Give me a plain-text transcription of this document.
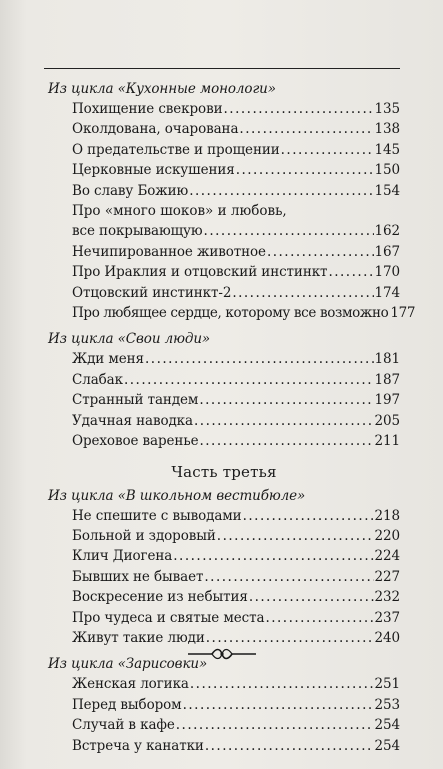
Из цикла «Кухонные монологи»
Похищение свекрови .....	135
Околдована, очарована .....	138
О предательстве и прощении .....	145
Церковные искушения .....	150
Во славу Божию .....	154
Про «много шоков» и любовь,
все покрывающую .....	162
Нечипированное животное .....	167
Про Ираклия и отцовский инстинкт .....	170
Отцовский инстинкт-2 .....	174
Про любящее сердце, которому все возможно 177
Из цикла «Свои люди»
Жди меня .....	181
Слабак .....	187
Странный тандем .....	197
Удачная наводка .....	205
Ореховое варенье .....	211
Часть третья
Из цикла «В школьном вестибюле»
Не спешите с выводами .....	218
Больной и здоровый .....	220
Клич Диогена .....	224
Бывших не бывает .....	227
Воскресение из небытия .....	232
Про чудеса и святые места .....	237
Живут такие люди .....	240
Из цикла «Зарисовки»
Женская логика .....	251
Перед выбором .....	253
Случай в кафе .....	254
Встреча у канатки .....	254
